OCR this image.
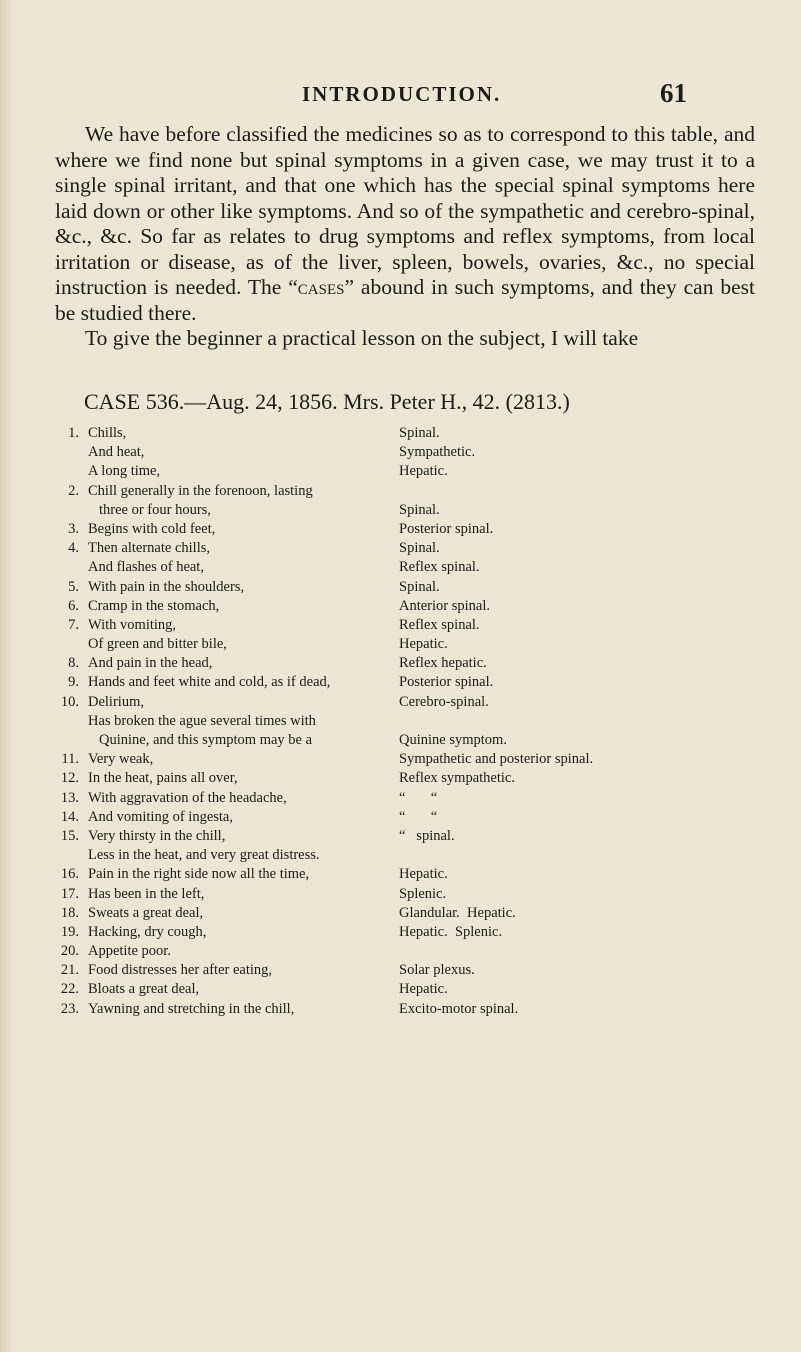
INTRODUCTION.	61

We have before classified the medicines so as to correspond to this table, and where we find none but spinal symptoms in a given case, we may trust it to a single spinal irritant, and that one which has the special spinal symptoms here laid down or other like symptoms. And so of the sympathetic and cerebro-spinal, &c., &c. So far as relates to drug symptoms and reflex symptoms, from local irritation or disease, as of the liver, spleen, bowels, ovaries, &c., no special instruction is needed. The “cases” abound in such symptoms, and they can best be studied there.

To give the beginner a practical lesson on the subject, I will take

CASE 536.—Aug. 24, 1856. Mrs. Peter H., 42. (2813.)
1. Chills,	Spinal.
And heat,	Sympathetic.
A long time,	Hepatic.
2. Chill generally in the forenoon, lasting
three or four hours,	Spinal.
3. Begins with cold feet,	Posterior spinal.
4. Then alternate chills,	Spinal.
And flashes of heat,	Reflex spinal.
5. With pain in the shoulders,	Spinal.
6. Cramp in the stomach,	Anterior spinal.
7. With vomiting,	Reflex spinal.
Of green and bitter bile,	Hepatic.
8. And pain in the head,	Reflex hepatic.
9. Hands and feet white and cold, as if dead,	Posterior spinal.
10. Delirium,	Cerebro-spinal.
Has broken the ague several times with
Quinine, and this symptom may be a	Quinine symptom.
11. Very weak,	Sympathetic and posterior spinal.
12. In the heat, pains all over,	Reflex sympathetic.
13. With aggravation of the headache,	“       “
14. And vomiting of ingesta,	“       “
15. Very thirsty in the chill,	“   spinal.
Less in the heat, and very great distress.
16. Pain in the right side now all the time,	Hepatic.
17. Has been in the left,	Splenic.
18. Sweats a great deal,	Glandular.  Hepatic.
19. Hacking, dry cough,	Hepatic.  Splenic.
20. Appetite poor.
21. Food distresses her after eating,	Solar plexus.
22. Bloats a great deal,	Hepatic.
23. Yawning and stretching in the chill,	Excito-motor spinal.
